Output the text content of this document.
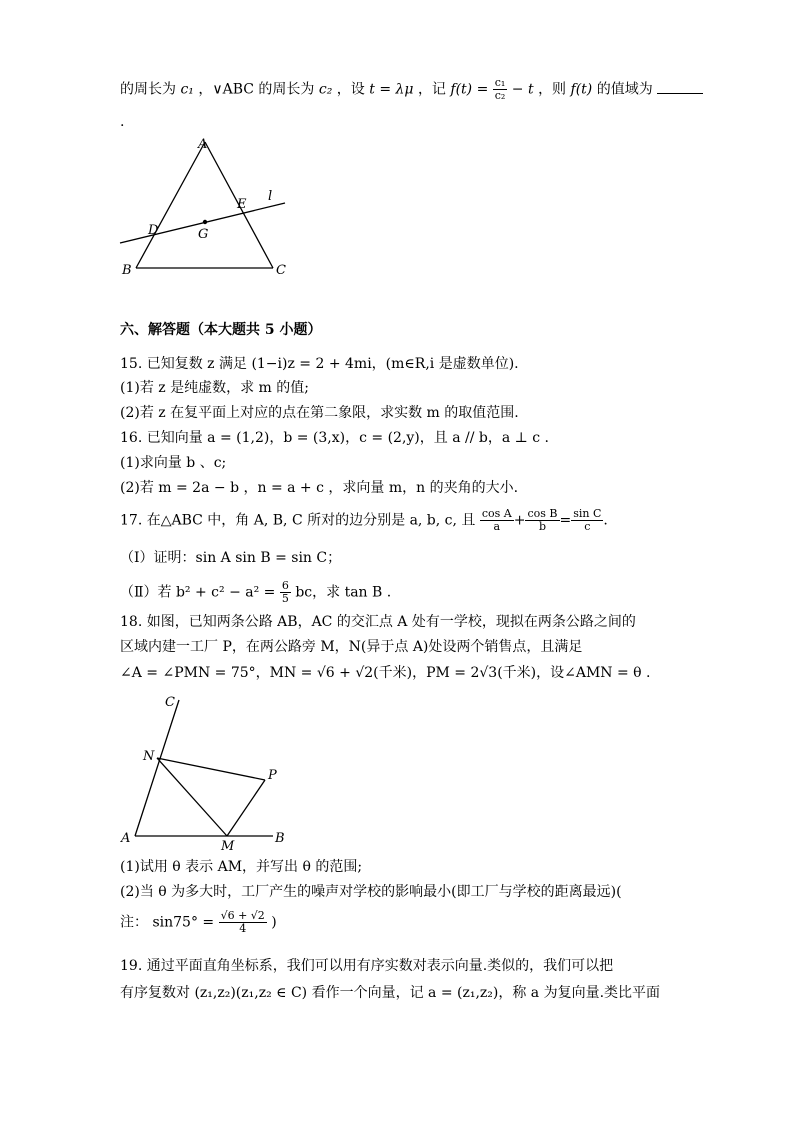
的周长为 c₁ ，∨ABC 的周长为 c₂ ，设 t = λμ ，记 $f(t) = \frac{\text{c₁}}{\text{c₂}} - t$ ，则 f(t) 的值域为
.
A
B	C
D
E
G
l
六、解答题（本大题共 5 小题）
15. 已知复数 z 满足 (1−i)z = 2 + 4mi，(m∈R,i 是虚数单位).
(1)若 z 是纯虚数，求 m 的值;
(2)若 z 在复平面上对应的点在第二象限，求实数 m 的取值范围.
16. 已知向量 a = (1,2)，b = (3,x)，c = (2,y)，且 a // b，a ⊥ c .
(1)求向量 b 、c;
(2)若 m = 2a − b ，n = a + c ，求向量 m，n 的夹角的大小.
17. 在△ABC 中，角 A, B, C 所对的边分别是 a, b, c, 且 $\frac{\text{cos A}}{a} + \frac{\text{cos B}}{b} = \frac{\text{sin C}}{c}$ .
（Ⅰ）证明：sin A sin B = sin C；
（Ⅱ）若 $b^2 + c^2 - a^2 = \frac{6}{5}$ bc，求 tan B .
18. 如图，已知两条公路 AB，AC 的交汇点 A 处有一学校，现拟在两条公路之间的
区域内建一工厂 P，在两公路旁 M，N(异于点 A)处设两个销售点，且满足
∠A = ∠PMN = 75°，MN = √6 + √2(千米)，PM = 2√3(千米)，设∠AMN = θ .
C
N
P
A
M
B
(1)试用 θ 表示 AM，并写出 θ 的范围;
(2)当 θ 为多大时，工厂产生的噪声对学校的影响最小(即工厂与学校的距离最远)(
注： $\sin 75^\circ = \frac{√6 + √2}{4}$ )
19. 通过平面直角坐标系，我们可以用有序实数对表示向量.类似的，我们可以把
有序复数对 (z₁,z₂)(z₁,z₂ ∈ C) 看作一个向量，记 a = (z₁,z₂)，称 a 为复向量.类比平面
